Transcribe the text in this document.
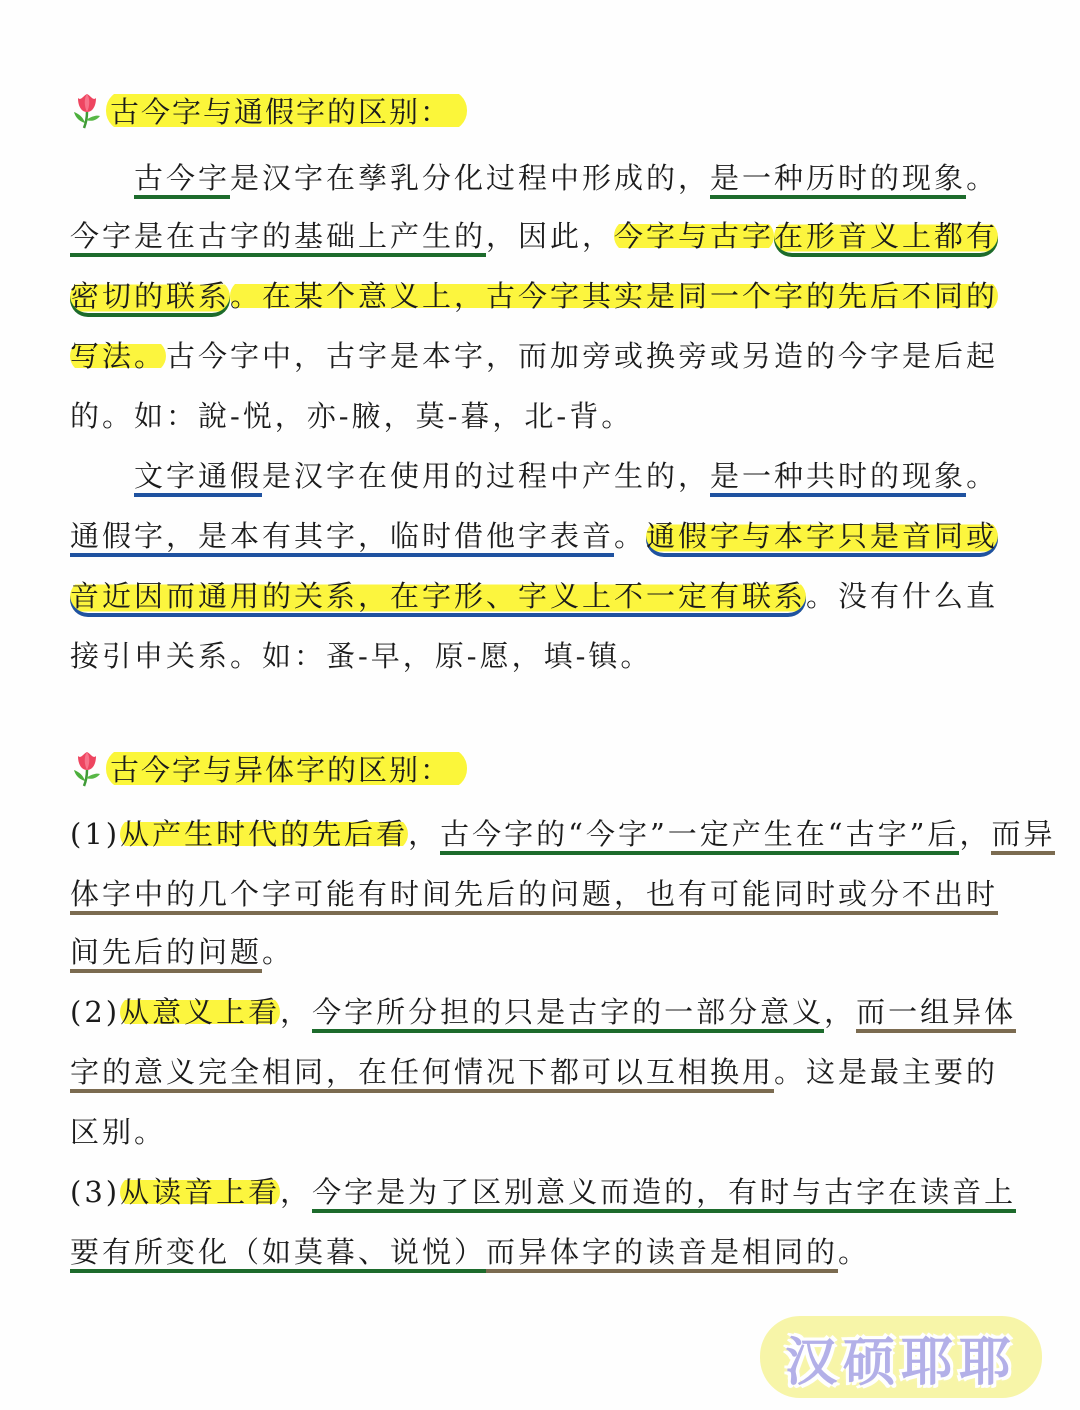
古今字与通假字的区别：
　　古今字是汉字在孳乳分化过程中形成的，是一种历时的现象。
今字是在古字的基础上产生的，因此，今字与古字在形音义上都有
密切的联系。在某个意义上，古今字其实是同一个字的先后不同的
写法。古今字中，古字是本字，而加旁或换旁或另造的今字是后起
的。如：說-悦，亦-腋，莫-暮，北-背。
　　文字通假是汉字在使用的过程中产生的，是一种共时的现象。
通假字，是本有其字，临时借他字表音。通假字与本字只是音同或
音近因而通用的关系，在字形、字义上不一定有联系。没有什么直
接引申关系。如：蚤-早，原-愿，填-镇。
古今字与异体字的区别：
(1)从产生时代的先后看，古今字的“今字”一定产生在“古字”后，而异
体字中的几个字可能有时间先后的问题，也有可能同时或分不出时
间先后的问题。
(2)从意义上看，今字所分担的只是古字的一部分意义，而一组异体
字的意义完全相同，在任何情况下都可以互相换用。这是最主要的
区别。
(3)从读音上看，今字是为了区别意义而造的，有时与古字在读音上
要有所变化（如莫暮、说悦）而异体字的读音是相同的。
汉硕耶耶
